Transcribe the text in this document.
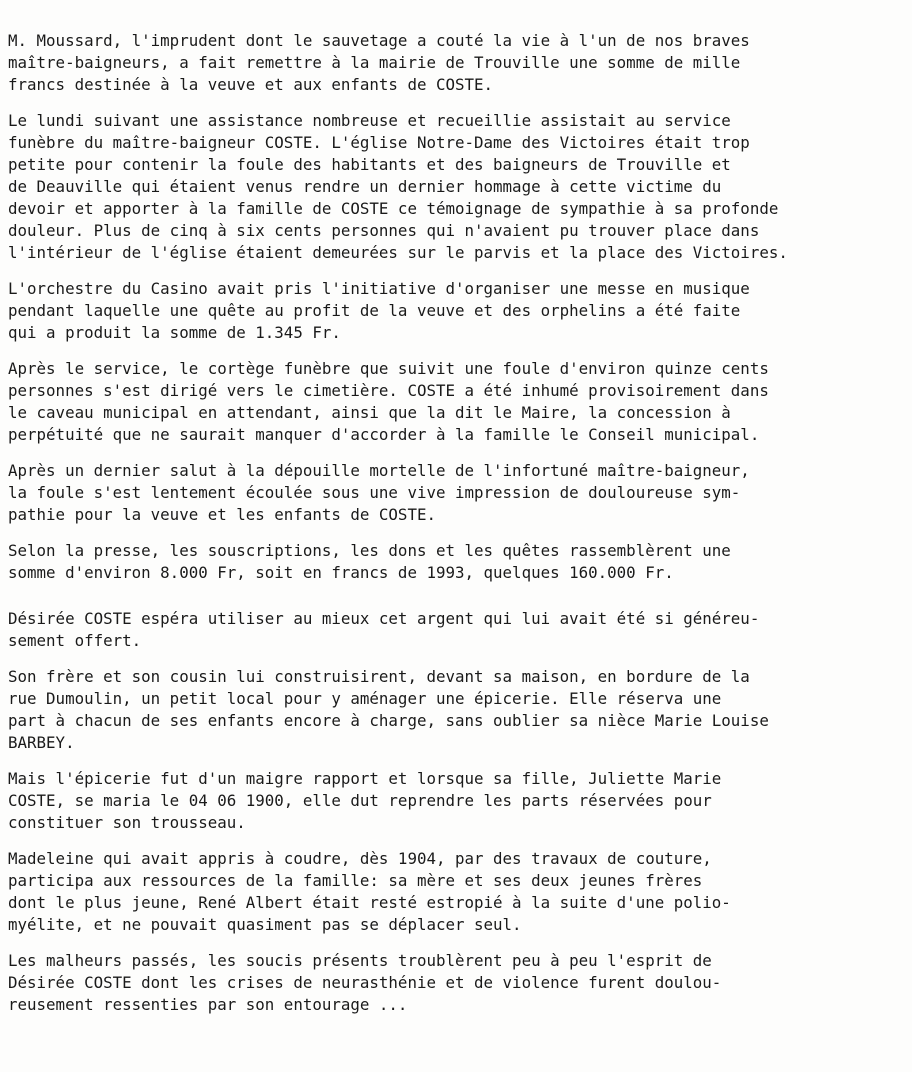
M. Moussard, l'imprudent dont le sauvetage a couté la vie à l'un de nos braves
maître-baigneurs, a fait remettre à la mairie de Trouville une somme de mille
francs destinée à la veuve et aux enfants de COSTE.
Le lundi suivant une assistance nombreuse et recueillie assistait au service
funèbre du maître-baigneur COSTE. L'église Notre-Dame des Victoires était trop
petite pour contenir la foule des habitants et des baigneurs de Trouville et
de Deauville qui étaient venus rendre un dernier hommage à cette victime du
devoir et apporter à la famille de COSTE ce témoignage de sympathie à sa profonde
douleur. Plus de cinq à six cents personnes qui n'avaient pu trouver place dans
l'intérieur de l'église étaient demeurées sur le parvis et la place des Victoires.
L'orchestre du Casino avait pris l'initiative d'organiser une messe en musique
pendant laquelle une quête au profit de la veuve et des orphelins a été faite
qui a produit la somme de 1.345 Fr.
Après le service, le cortège funèbre que suivit une foule d'environ quinze cents
personnes s'est dirigé vers le cimetière. COSTE a été inhumé provisoirement dans
le caveau municipal en attendant, ainsi que la dit le Maire, la concession à
perpétuité que ne saurait manquer d'accorder à la famille le Conseil municipal.
Après un dernier salut à la dépouille mortelle de l'infortuné maître-baigneur,
la foule s'est lentement écoulée sous une vive impression de douloureuse sym-
pathie pour la veuve et les enfants de COSTE.
Selon la presse, les souscriptions, les dons et les quêtes rassemblèrent une
somme d'environ 8.000 Fr, soit en francs de 1993, quelques 160.000 Fr.
Désirée COSTE espéra utiliser au mieux cet argent qui lui avait été si généreu-
sement offert.
Son frère et son cousin lui construisirent, devant sa maison, en bordure de la
rue Dumoulin, un petit local pour y aménager une épicerie. Elle réserva une
part à chacun de ses enfants encore à charge, sans oublier sa nièce Marie Louise
BARBEY.
Mais l'épicerie fut d'un maigre rapport et lorsque sa fille, Juliette Marie
COSTE, se maria le 04 06 1900, elle dut reprendre les parts réservées pour
constituer son trousseau.
Madeleine qui avait appris à coudre, dès 1904, par des travaux de couture,
participa aux ressources de la famille: sa mère et ses deux jeunes frères
dont le plus jeune, René Albert était resté estropié à la suite d'une polio-
myélite, et ne pouvait quasiment pas se déplacer seul.
Les malheurs passés, les soucis présents troublèrent peu à peu l'esprit de
Désirée COSTE dont les crises de neurasthénie et de violence furent doulou-
reusement ressenties par son entourage ...
